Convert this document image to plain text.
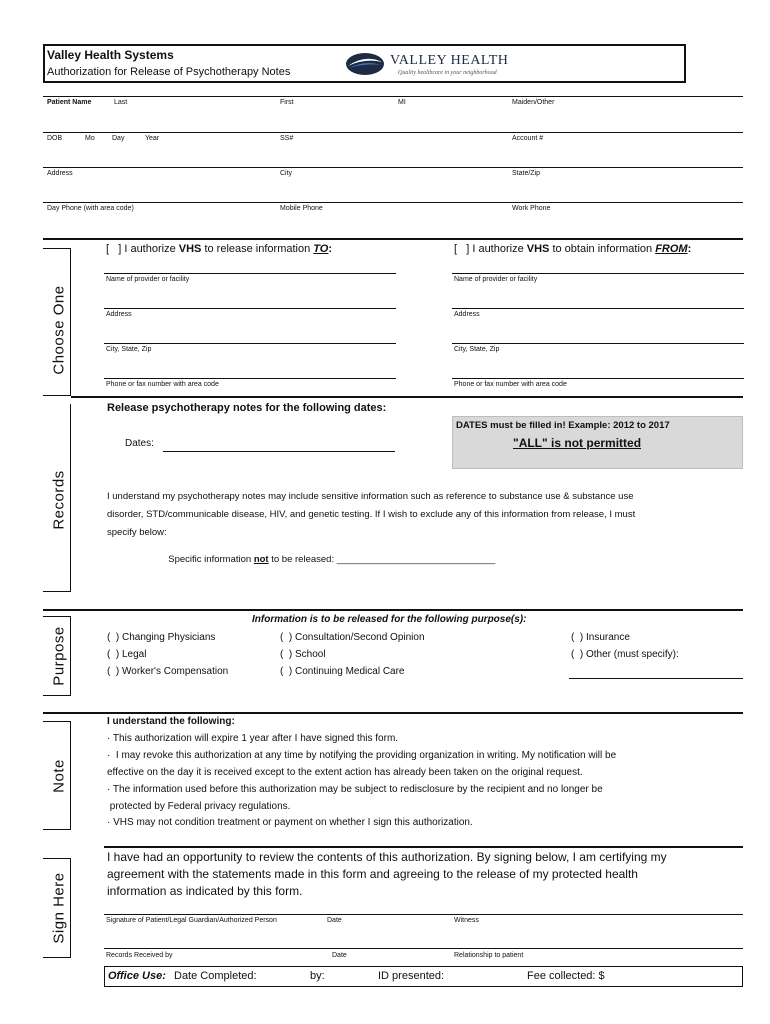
Valley Health Systems
Authorization for Release of Psychotherapy Notes
VALLEY HEALTH
Quality healthcare in your neighborhood
Patient Name	Last	First	MI	Maiden/Other
DOB	Mo Day	Year	SS#	Account #
Address	City	State/Zip
Day Phone (with area code)	Mobile Phone	Work Phone
Choose One
[   ] I authorize VHS to release information TO:	[   ] I authorize VHS to obtain information FROM:
Name of provider or facility
Address
City, State, Zip
Phone or fax number with area code
Name of provider or facility
Address
City, State, Zip
Phone or fax number with area code
Records
Release psychotherapy notes for the following dates:
Dates:
DATES must be filled in! Example: 2012 to 2017
"ALL" is not permitted
I understand my psychotherapy notes may include sensitive information such as reference to substance use & substance use
disorder, STD/communicable disease, HIV, and genetic testing. If I wish to exclude any of this information from release, I must
specify below:

Specific information not to be released: ______________________________

Purpose
Information is to be released for the following purpose(s):
(  ) Changing Physicians
(  ) Legal
(  ) Worker's Compensation
(  ) Consultation/Second Opinion
(  ) School
(  ) Continuing Medical Care
(  ) Insurance
(  ) Other (must specify):
Note
I understand the following:
· This authorization will expire 1 year after I have signed this form.
·  I may revoke this authorization at any time by notifying the providing organization in writing. My notification will be
effective on the day it is received except to the extent action has already been taken on the original request.
· The information used before this authorization may be subject to redisclosure by the recipient and no longer be
protected by Federal privacy regulations.
· VHS may not condition treatment or payment on whether I sign this authorization.
Sign Here
I have had an opportunity to review the contents of this authorization. By signing below, I am certifying my
agreement with the statements made in this form and agreeing to the release of my protected health
information as indicated by this form.
Signature of Patient/Legal Guardian/Authorized Person	Date	Witness
Records Received by	Date	Relationship to patient
Office Use: Date Completed:	by:	ID presented:	Fee collected: $
